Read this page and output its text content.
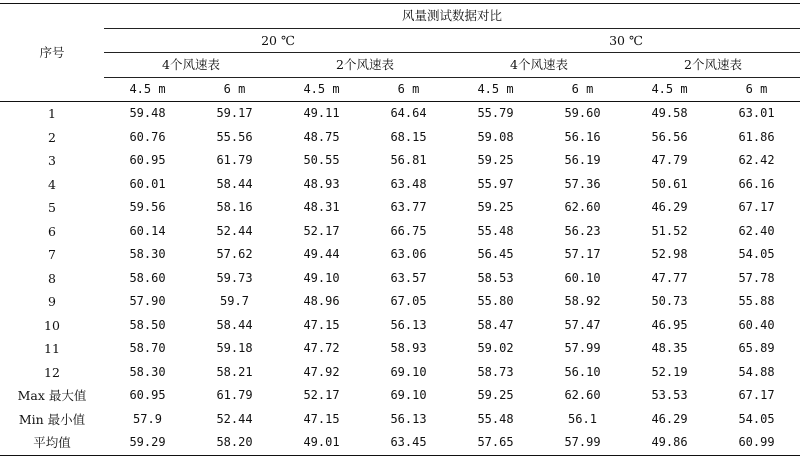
序号	风量测试数据对比							
	20 ℃				30 ℃			
	4个风速表		2个风速表		4个风速表		2个风速表	
	4.5 m	6 m	4.5 m	6 m	4.5 m	6 m	4.5 m	6 m
1	59.48	59.17	49.11	64.64	55.79	59.60	49.58	63.01
2	60.76	55.56	48.75	68.15	59.08	56.16	56.56	61.86
3	60.95	61.79	50.55	56.81	59.25	56.19	47.79	62.42
4	60.01	58.44	48.93	63.48	55.97	57.36	50.61	66.16
5	59.56	58.16	48.31	63.77	59.25	62.60	46.29	67.17
6	60.14	52.44	52.17	66.75	55.48	56.23	51.52	62.40
7	58.30	57.62	49.44	63.06	56.45	57.17	52.98	54.05
8	58.60	59.73	49.10	63.57	58.53	60.10	47.77	57.78
9	57.90	59.7	48.96	67.05	55.80	58.92	50.73	55.88
10	58.50	58.44	47.15	56.13	58.47	57.47	46.95	60.40
11	58.70	59.18	47.72	58.93	59.02	57.99	48.35	65.89
12	58.30	58.21	47.92	69.10	58.73	56.10	52.19	54.88
Max 最大值	60.95	61.79	52.17	69.10	59.25	62.60	53.53	67.17
Min 最小值	57.9	52.44	47.15	56.13	55.48	56.1	46.29	54.05
平均值	59.29	58.20	49.01	63.45	57.65	57.99	49.86	60.99
